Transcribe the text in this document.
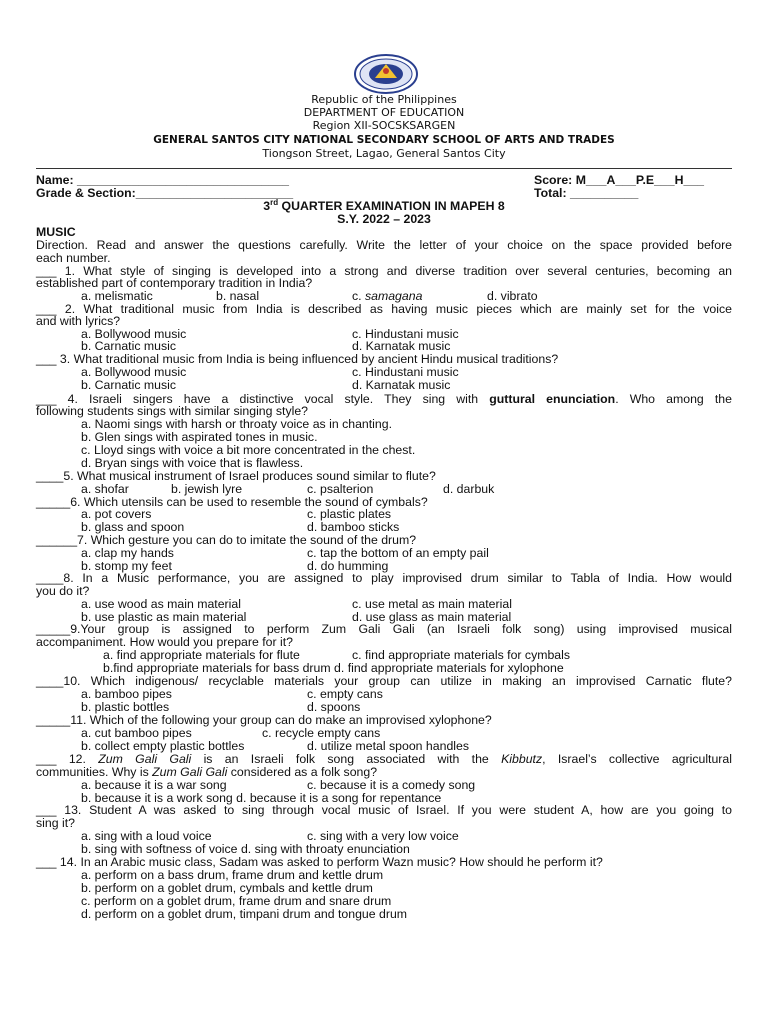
Republic of the Philippines
DEPARTMENT OF EDUCATION
Region XII-SOCSKSARGEN
GENERAL SANTOS CITY NATIONAL SECONDARY SCHOOL OF ARTS AND TRADES
Tiongson Street, Lagao, General Santos City
Name: _______________________________	Score: M___A___P.E___H___
Grade & Section:_______________________	Total: __________
3rd QUARTER EXAMINATION IN MAPEH 8
S.Y. 2022 – 2023
MUSIC
Direction. Read and answer the questions carefully. Write the letter of your choice on the space provided before
each number.
___ 1. What style of singing is developed into a strong and diverse tradition over several centuries, becoming an
established part of contemporary tradition in India?
a. melismatic	b. nasal	c. samagana	d. vibrato
___ 2. What traditional music from India is described as having music pieces which are mainly set for the voice
and with lyrics?
a. Bollywood music	c. Hindustani music
b. Carnatic music	d. Karnatak music
___ 3. What traditional music from India is being influenced by ancient Hindu musical traditions?
a. Bollywood music	c. Hindustani music
b. Carnatic music	d. Karnatak music
___ 4. Israeli singers have a distinctive vocal style. They sing with guttural enunciation. Who among the
following students sings with similar singing style?
a. Naomi sings with harsh or throaty voice as in chanting.
b. Glen sings with aspirated tones in music.
c. Lloyd sings with voice a bit more concentrated in the chest.
d. Bryan sings with voice that is flawless.
____5. What musical instrument of Israel produces sound similar to flute?
a. shofar	b. jewish lyre	c. psalterion	d. darbuk
_____6. Which utensils can be used to resemble the sound of cymbals?
a. pot covers	c. plastic plates
b. glass and spoon	d. bamboo sticks
______7. Which gesture you can do to imitate the sound of the drum?
a. clap my hands	c. tap the bottom of an empty pail
b. stomp my feet	d. do humming
____8. In a Music performance, you are assigned to play improvised drum similar to Tabla of India. How would
you do it?
a. use wood as main material	c. use metal as main material
b. use plastic as main material	d. use glass as main material
_____9.Your group is assigned to perform Zum Gali Gali (an Israeli folk song) using improvised musical
accompaniment. How would you prepare for it?
a. find appropriate materials for flute	c. find appropriate materials for cymbals
b.find appropriate materials for bass drum d. find appropriate materials for xylophone
____10. Which indigenous/ recyclable materials your group can utilize in making an improvised Carnatic flute?
a. bamboo pipes	c. empty cans
b. plastic bottles	d. spoons
_____11. Which of the following your group can do make an improvised xylophone?
a. cut bamboo pipes	c. recycle empty cans
b. collect empty plastic bottles	d. utilize metal spoon handles
___ 12. Zum Gali Gali is an Israeli folk song associated with the Kibbutz, Israel’s collective agricultural
communities. Why is Zum Gali Gali considered as a folk song?
a. because it is a war song	c. because it is a comedy song
b. because it is a work song d. because it is a song for repentance
___ 13. Student A was asked to sing through vocal music of Israel. If you were student A, how are you going to
sing it?
a. sing with a loud voice	c. sing with a very low voice
b. sing with softness of voice d. sing with throaty enunciation
___ 14. In an Arabic music class, Sadam was asked to perform Wazn music? How should he perform it?
a. perform on a bass drum, frame drum and kettle drum
b. perform on a goblet drum, cymbals and kettle drum
c. perform on a goblet drum, frame drum and snare drum
d. perform on a goblet drum, timpani drum and tongue drum
